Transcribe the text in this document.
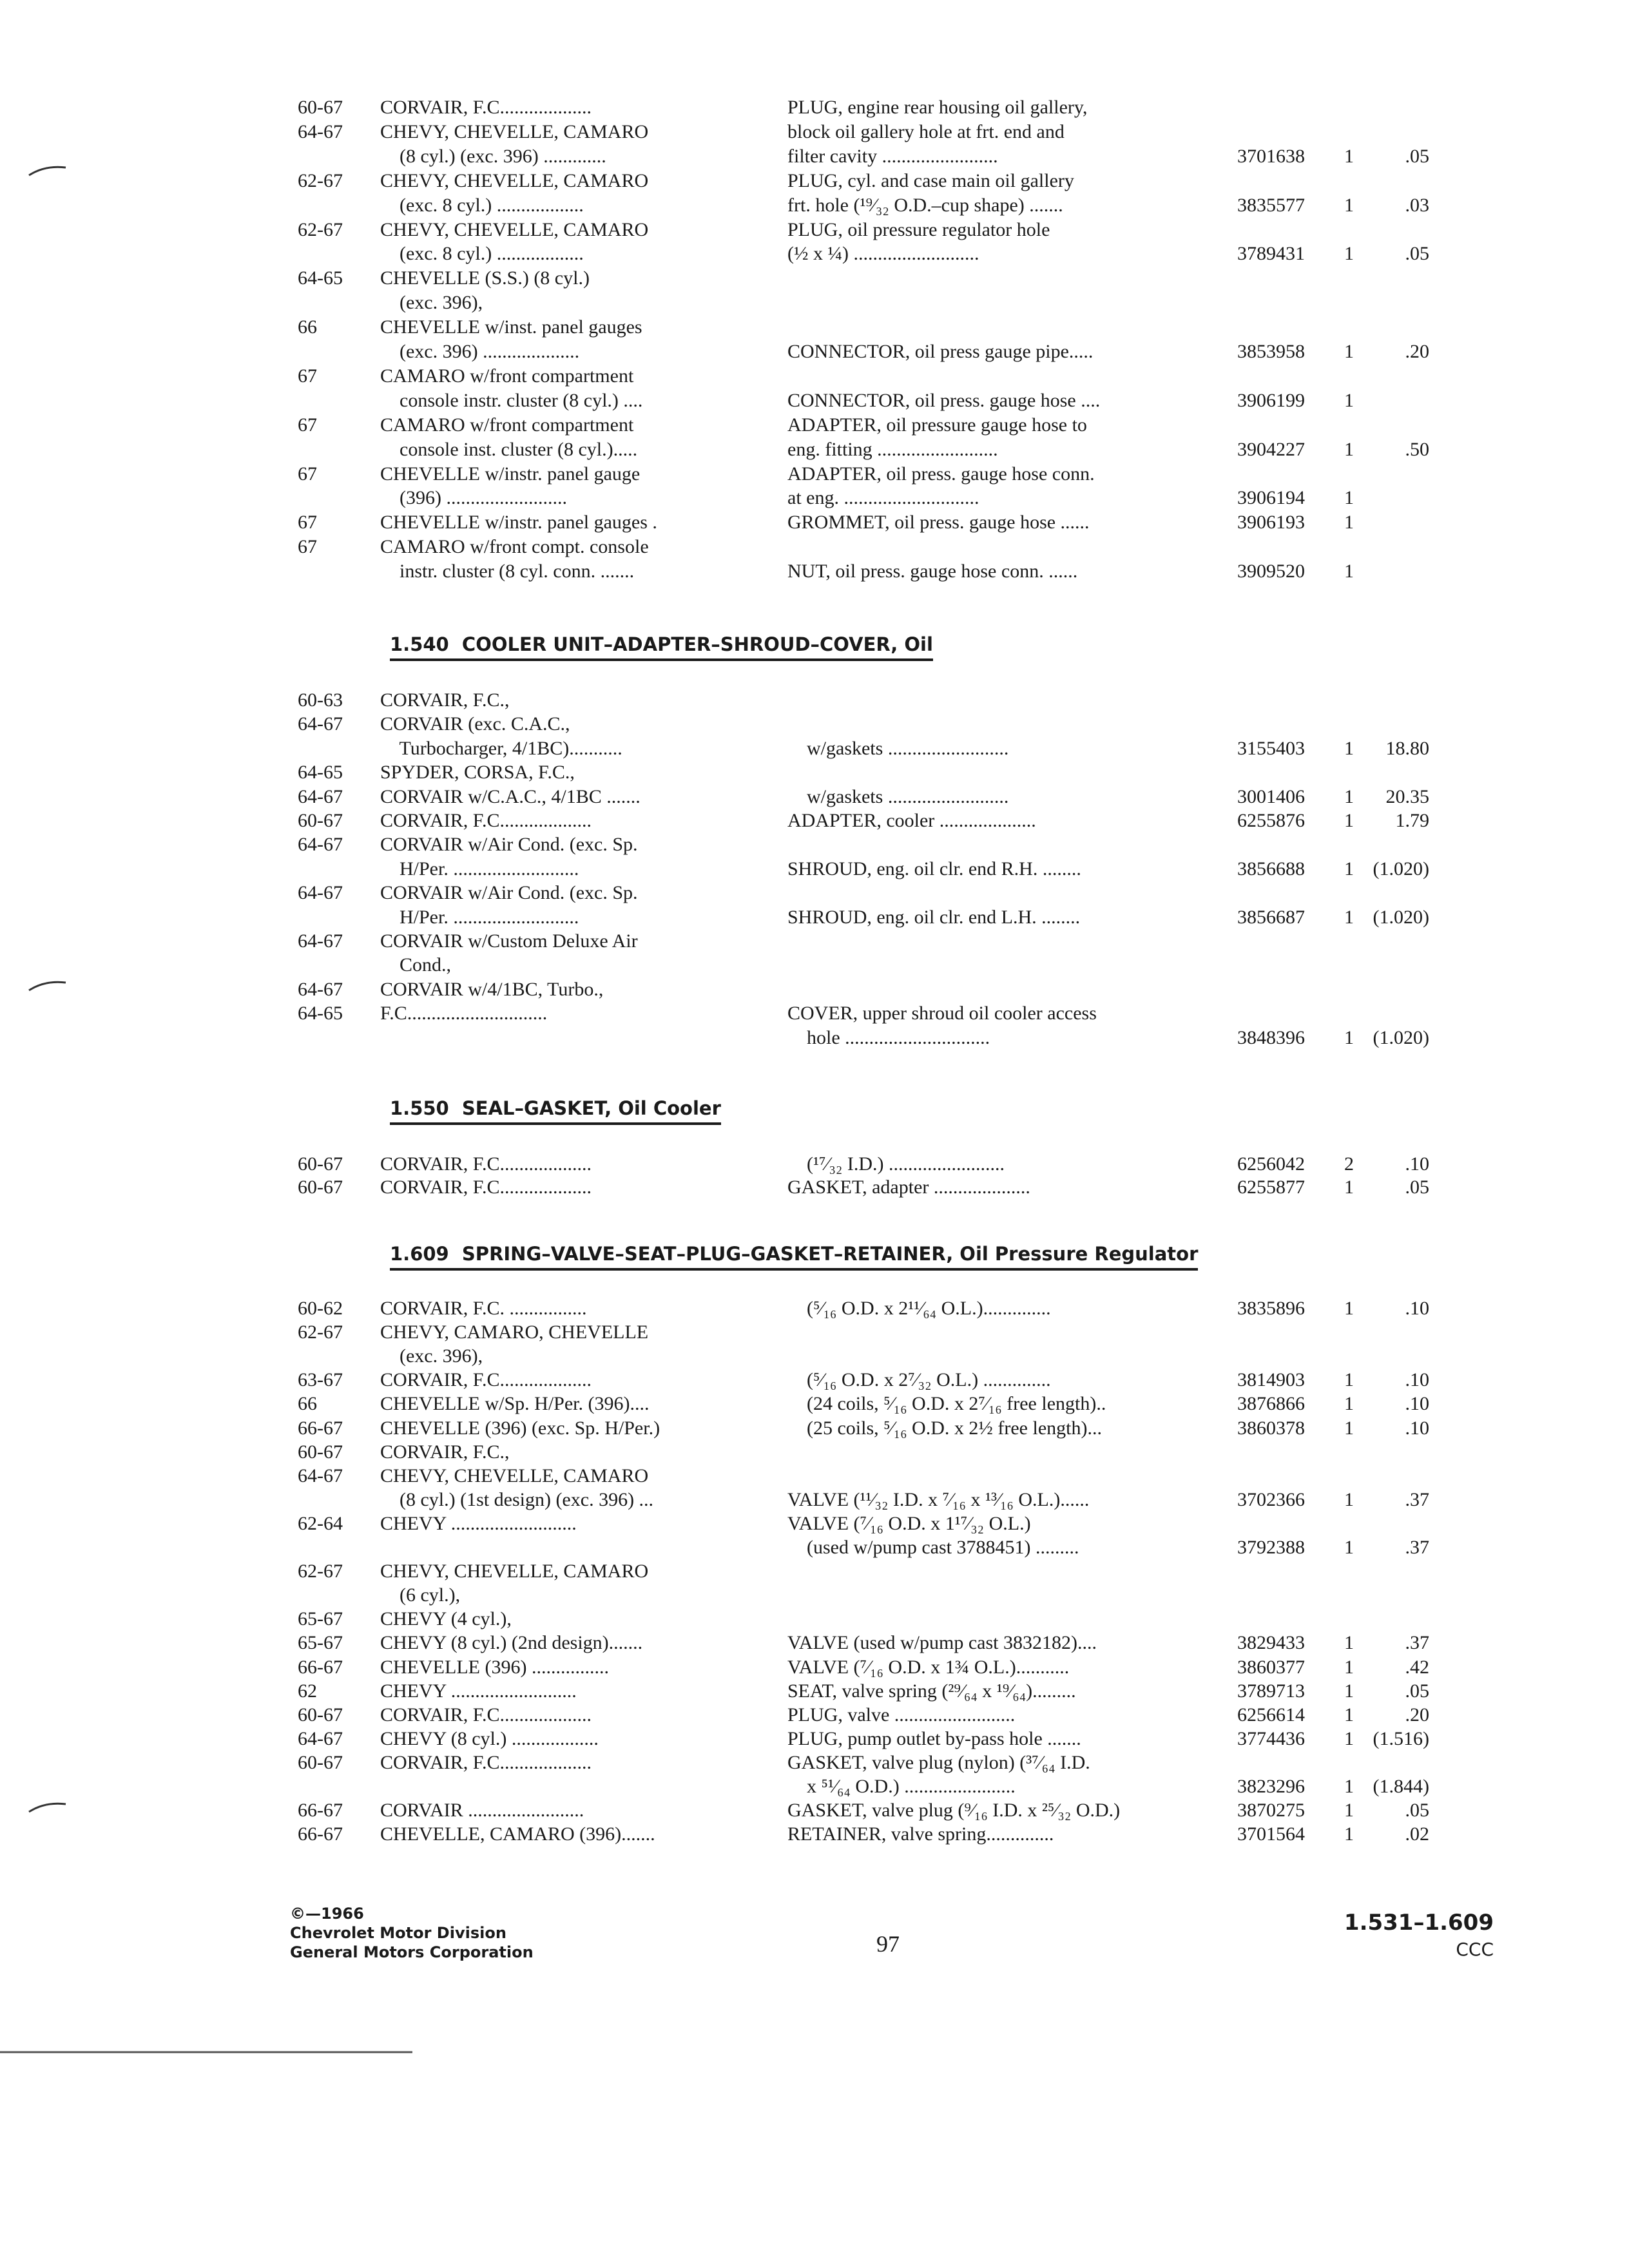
60-67 CORVAIR, F.C...................	PLUG, engine rear housing oil gallery,
64-67 CHEVY, CHEVELLE, CAMARO	block oil gallery hole at frt. end and
(8 cyl.) (exc. 396) .............	filter cavity ........................	3701638 1	.05
62-67 CHEVY, CHEVELLE, CAMARO	PLUG, cyl. and case main oil gallery
(exc. 8 cyl.) ..................	frt. hole (¹⁹⁄₃₂ O.D.–cup shape) .......	3835577 1	.03
62-67 CHEVY, CHEVELLE, CAMARO	PLUG, oil pressure regulator hole
(exc. 8 cyl.) ..................	(½ x ¼) ..........................	3789431 1	.05
64-65 CHEVELLE (S.S.) (8 cyl.)
(exc. 396),
66	CHEVELLE w/inst. panel gauges
(exc. 396) ....................	CONNECTOR, oil press gauge pipe.....	3853958 1	.20
67	CAMARO w/front compartment
console instr. cluster (8 cyl.) ....	CONNECTOR, oil press. gauge hose ....	3906199 1
67	CAMARO w/front compartment	ADAPTER, oil pressure gauge hose to
console inst. cluster (8 cyl.).....	eng. fitting .........................	3904227 1	.50
67	CHEVELLE w/instr. panel gauge	ADAPTER, oil press. gauge hose conn.
(396) .........................	at eng. ............................	3906194 1
67	CHEVELLE w/instr. panel gauges .	GROMMET, oil press. gauge hose ......	3906193 1
67	CAMARO w/front compt. console
instr. cluster (8 cyl. conn. .......	NUT, oil press. gauge hose conn. ......	3909520 1
1.540  COOLER UNIT–ADAPTER–SHROUD–COVER, Oil
60-63 CORVAIR, F.C.,
64-67 CORVAIR (exc. C.A.C.,
Turbocharger, 4/1BC)...........	w/gaskets .........................	3155403 1 18.80
64-65 SPYDER, CORSA, F.C.,
64-67 CORVAIR w/C.A.C., 4/1BC .......	w/gaskets .........................	3001406 1 20.35
60-67 CORVAIR, F.C...................	ADAPTER, cooler ....................	6255876 1 1.79
64-67 CORVAIR w/Air Cond. (exc. Sp.
H/Per. ..........................	SHROUD, eng. oil clr. end R.H. ........	3856688 1 (1.020)
64-67 CORVAIR w/Air Cond. (exc. Sp.
H/Per. ..........................	SHROUD, eng. oil clr. end L.H. ........	3856687 1 (1.020)
64-67 CORVAIR w/Custom Deluxe Air
Cond.,
64-67 CORVAIR w/4/1BC, Turbo.,
64-65 F.C.............................	COVER, upper shroud oil cooler access
hole ..............................	3848396 1 (1.020)
1.550  SEAL–GASKET, Oil Cooler
60-67 CORVAIR, F.C...................	(¹⁷⁄₃₂ I.D.) ........................	6256042 2	.10
60-67 CORVAIR, F.C...................	GASKET, adapter ....................	6255877 1	.05
1.609  SPRING–VALVE–SEAT–PLUG–GASKET–RETAINER, Oil Pressure Regulator
60-62 CORVAIR, F.C. ................	(⁵⁄₁₆ O.D. x 2¹¹⁄₆₄ O.L.)..............	3835896 1	.10
62-67 CHEVY, CAMARO, CHEVELLE
(exc. 396),
63-67 CORVAIR, F.C...................	(⁵⁄₁₆ O.D. x 2⁷⁄₃₂ O.L.) ..............	3814903 1	.10
66	CHEVELLE w/Sp. H/Per. (396)....	(24 coils, ⁵⁄₁₆ O.D. x 2⁷⁄₁₆ free length)..	3876866 1	.10
66-67 CHEVELLE (396) (exc. Sp. H/Per.)	(25 coils, ⁵⁄₁₆ O.D. x 2½ free length)...	3860378 1	.10
60-67 CORVAIR, F.C.,
64-67 CHEVY, CHEVELLE, CAMARO
(8 cyl.) (1st design) (exc. 396) ...	VALVE (¹¹⁄₃₂ I.D. x ⁷⁄₁₆ x ¹³⁄₁₆ O.L.)......	3702366 1	.37
62-64 CHEVY ..........................	VALVE (⁷⁄₁₆ O.D. x 1¹⁷⁄₃₂ O.L.)
(used w/pump cast 3788451) .........	3792388 1	.37
62-67 CHEVY, CHEVELLE, CAMARO
(6 cyl.),
65-67 CHEVY (4 cyl.),
65-67 CHEVY (8 cyl.) (2nd design).......	VALVE (used w/pump cast 3832182)....	3829433 1	.37
66-67 CHEVELLE (396) ................	VALVE (⁷⁄₁₆ O.D. x 1¾ O.L.)...........	3860377 1	.42
62	CHEVY ..........................	SEAT, valve spring (²⁹⁄₆₄ x ¹⁹⁄₆₄).........	3789713 1	.05
60-67 CORVAIR, F.C...................	PLUG, valve .........................	6256614 1	.20
64-67 CHEVY (8 cyl.) ..................	PLUG, pump outlet by-pass hole .......	3774436 1 (1.516)
60-67 CORVAIR, F.C...................	GASKET, valve plug (nylon) (³⁷⁄₆₄ I.D.
x ⁵¹⁄₆₄ O.D.) .......................	3823296 1 (1.844)
66-67 CORVAIR ........................	GASKET, valve plug (⁹⁄₁₆ I.D. x ²⁵⁄₃₂ O.D.)	3870275 1	.05
66-67 CHEVELLE, CAMARO (396).......	RETAINER, valve spring..............	3701564 1	.02
©—1966
Chevrolet Motor Division
General Motors Corporation	97
1.531–1.609
CCC
